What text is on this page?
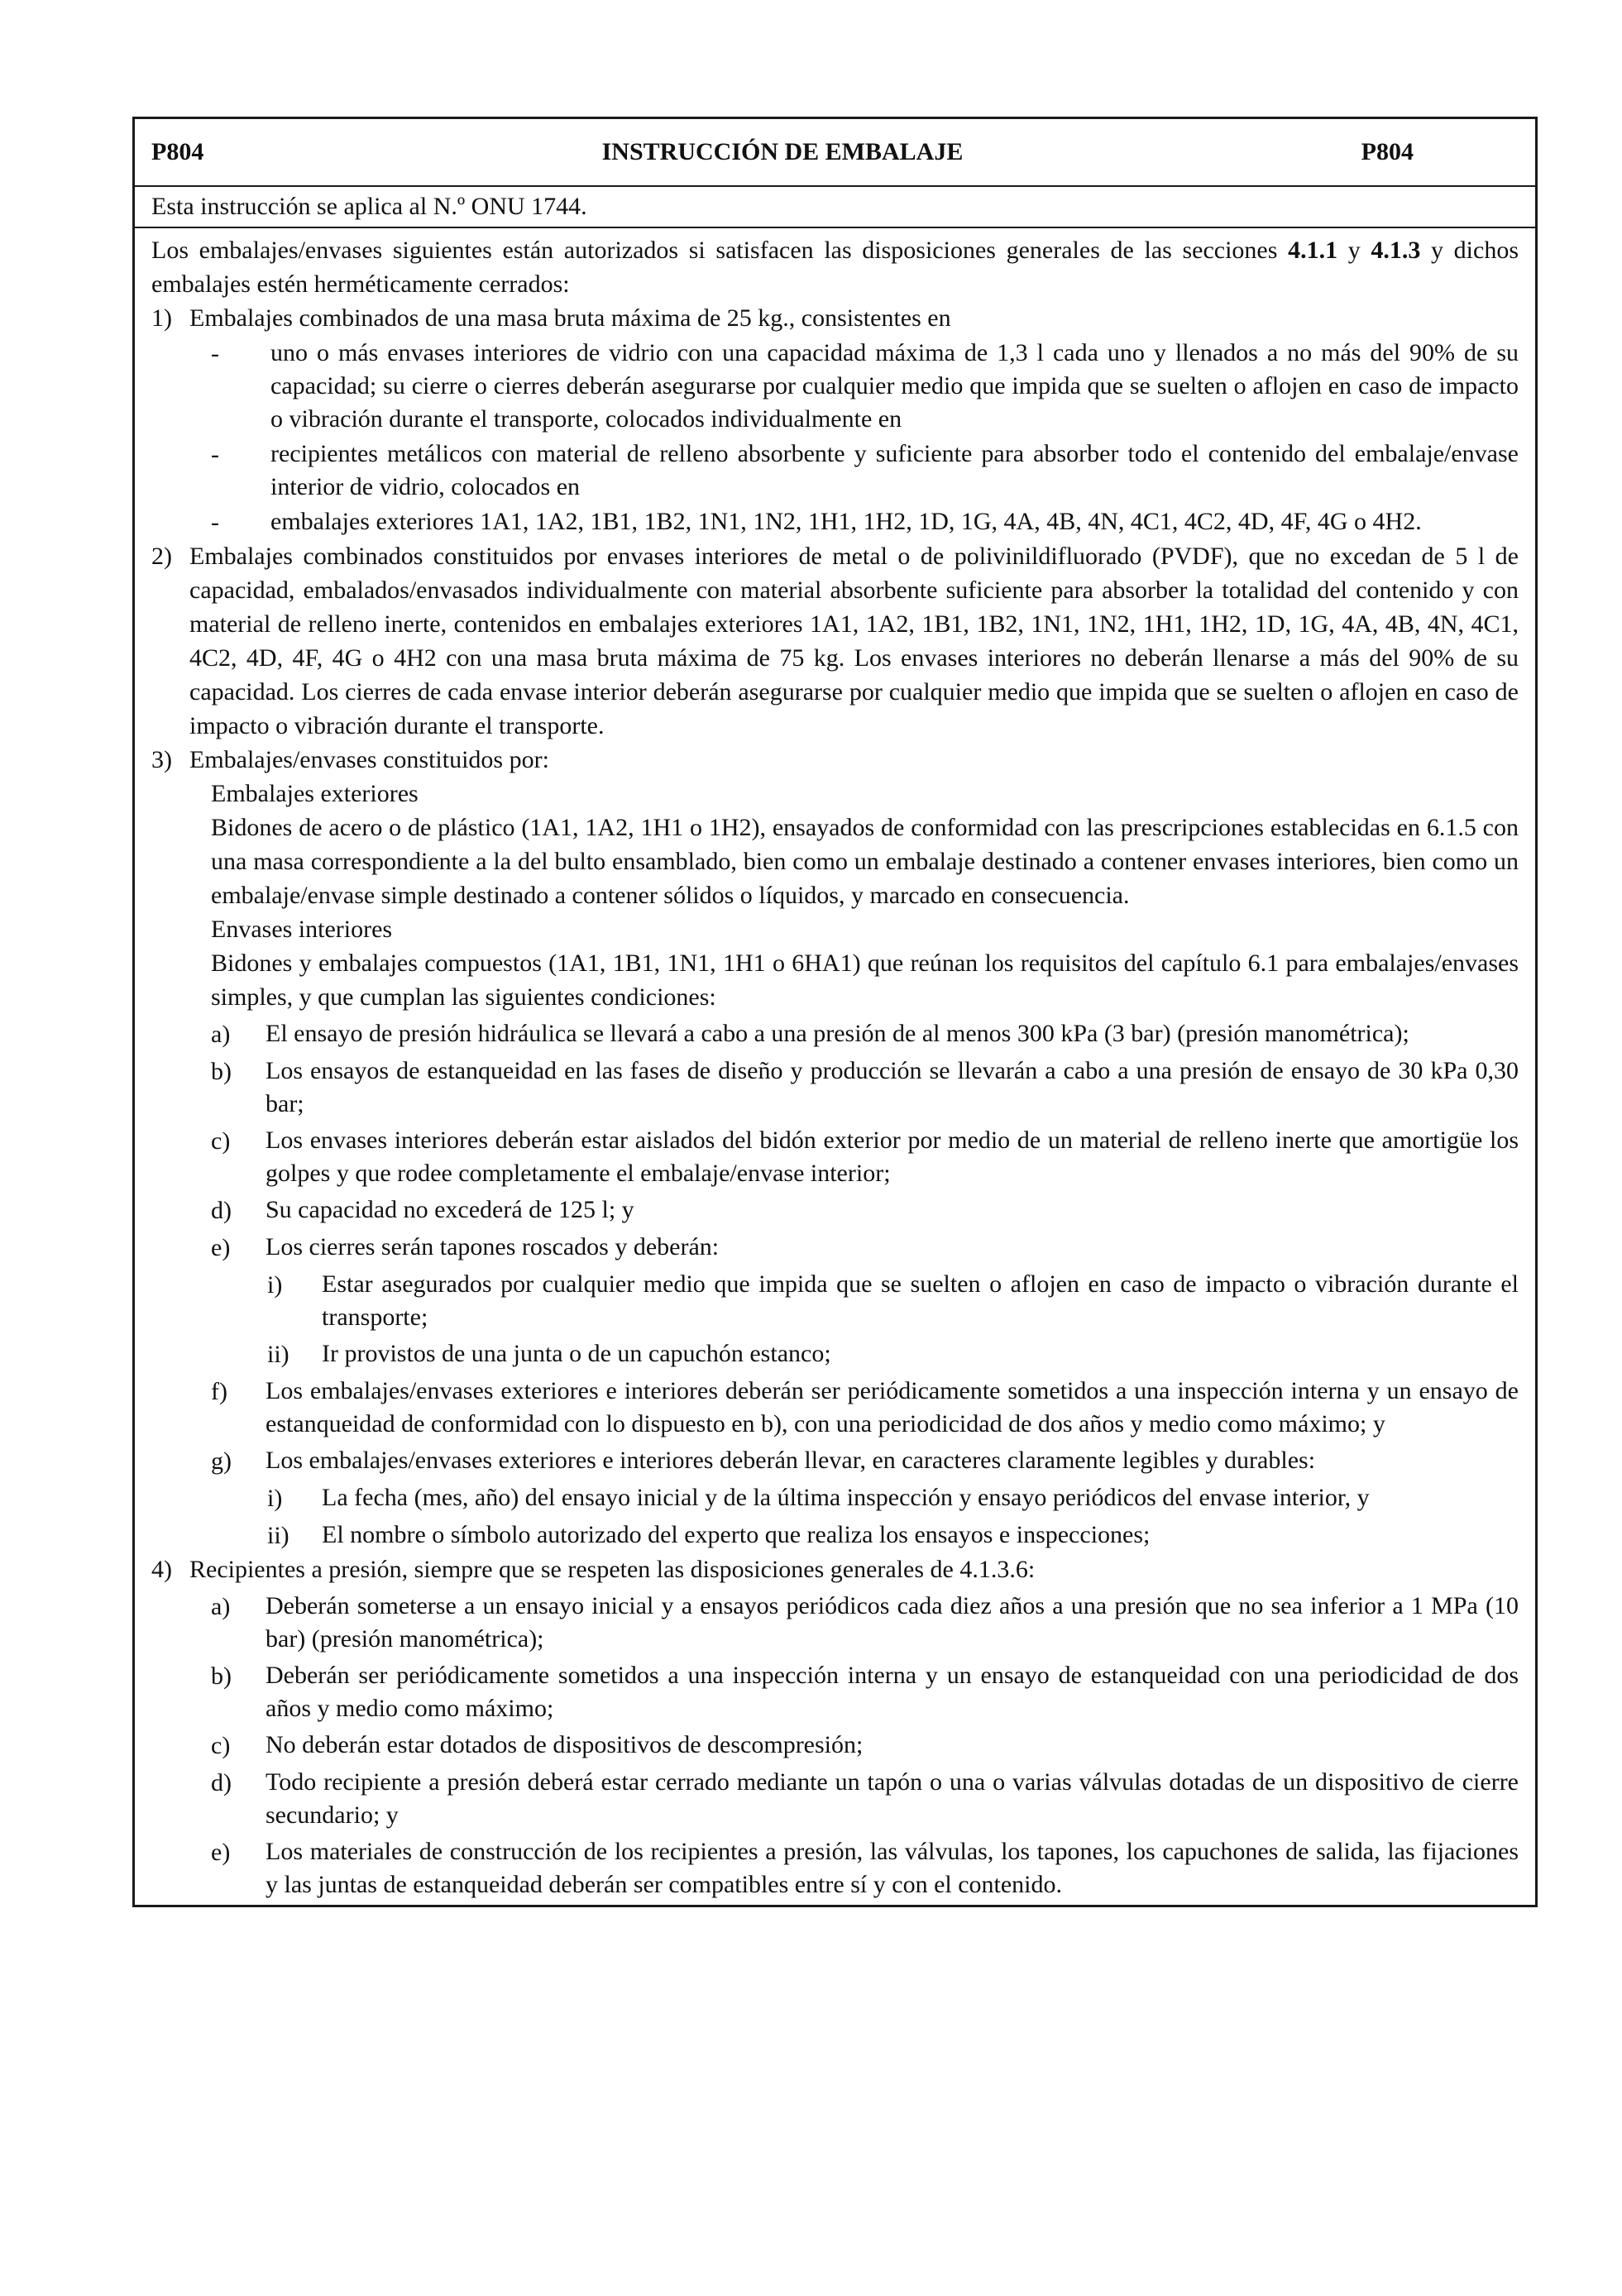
P804	INSTRUCCIÓN DE EMBALAJE	P804
Esta instrucción se aplica al N.º ONU 1744.

Los embalajes/envases siguientes están autorizados si satisfacen las disposiciones generales de las secciones 4.1.1 y 4.1.3 y dichos embalajes estén herméticamente cerrados:

1) Embalajes combinados de una masa bruta máxima de 25 kg., consistentes en
-	uno o más envases interiores de vidrio con una capacidad máxima de 1,3 l cada uno y llenados a no más del 90% de su capacidad; su cierre o cierres deberán asegurarse por cualquier medio que impida que se suelten o aflojen en caso de impacto o vibración durante el transporte, colocados individualmente en
-	recipientes metálicos con material de relleno absorbente y suficiente para absorber todo el contenido del embalaje/envase interior de vidrio, colocados en
-	embalajes exteriores 1A1, 1A2, 1B1, 1B2, 1N1, 1N2, 1H1, 1H2, 1D, 1G, 4A, 4B, 4N, 4C1, 4C2, 4D, 4F, 4G o 4H2.
2) Embalajes combinados constituidos por envases interiores de metal o de polivinildifluorado (PVDF), que no excedan de 5 l de capacidad, embalados/envasados individualmente con material absorbente suficiente para absorber la totalidad del contenido y con material de relleno inerte, contenidos en embalajes exteriores 1A1, 1A2, 1B1, 1B2, 1N1, 1N2, 1H1, 1H2, 1D, 1G, 4A, 4B, 4N, 4C1, 4C2, 4D, 4F, 4G o 4H2 con una masa bruta máxima de 75 kg. Los envases interiores no deberán llenarse a más del 90% de su capacidad. Los cierres de cada envase interior deberán asegurarse por cualquier medio que impida que se suelten o aflojen en caso de impacto o vibración durante el transporte.
3) Embalajes/envases constituidos por:

Embalajes exteriores

Bidones de acero o de plástico (1A1, 1A2, 1H1 o 1H2), ensayados de conformidad con las prescripciones establecidas en 6.1.5 con una masa correspondiente a la del bulto ensamblado, bien como un embalaje destinado a contener envases interiores, bien como un embalaje/envase simple destinado a contener sólidos o líquidos, y marcado en consecuencia.

Envases interiores

Bidones y embalajes compuestos (1A1, 1B1, 1N1, 1H1 o 6HA1) que reúnan los requisitos del capítulo 6.1 para embalajes/envases simples, y que cumplan las siguientes condiciones:

a)	El ensayo de presión hidráulica se llevará a cabo a una presión de al menos 300 kPa (3 bar) (presión manométrica);
b)	Los ensayos de estanqueidad en las fases de diseño y producción se llevarán a cabo a una presión de ensayo de 30 kPa 0,30 bar;
c)	Los envases interiores deberán estar aislados del bidón exterior por medio de un material de relleno inerte que amortigüe los golpes y que rodee completamente el embalaje/envase interior;
d)	Su capacidad no excederá de 125 l; y
e)	Los cierres serán tapones roscados y deberán:
i)	Estar asegurados por cualquier medio que impida que se suelten o aflojen en caso de impacto o vibración durante el transporte;
ii)	Ir provistos de una junta o de un capuchón estanco;
f)	Los embalajes/envases exteriores e interiores deberán ser periódicamente sometidos a una inspección interna y un ensayo de estanqueidad de conformidad con lo dispuesto en b), con una periodicidad de dos años y medio como máximo; y
g)	Los embalajes/envases exteriores e interiores deberán llevar, en caracteres claramente legibles y durables:
i)	La fecha (mes, año) del ensayo inicial y de la última inspección y ensayo periódicos del envase interior, y
ii)	El nombre o símbolo autorizado del experto que realiza los ensayos e inspecciones;
4) Recipientes a presión, siempre que se respeten las disposiciones generales de 4.1.3.6:
a)	Deberán someterse a un ensayo inicial y a ensayos periódicos cada diez años a una presión que no sea inferior a 1 MPa (10 bar) (presión manométrica);
b)	Deberán ser periódicamente sometidos a una inspección interna y un ensayo de estanqueidad con una periodicidad de dos años y medio como máximo;
c)	No deberán estar dotados de dispositivos de descompresión;
d)	Todo recipiente a presión deberá estar cerrado mediante un tapón o una o varias válvulas dotadas de un dispositivo de cierre secundario; y
e)	Los materiales de construcción de los recipientes a presión, las válvulas, los tapones, los capuchones de salida, las fijaciones y las juntas de estanqueidad deberán ser compatibles entre sí y con el contenido.
